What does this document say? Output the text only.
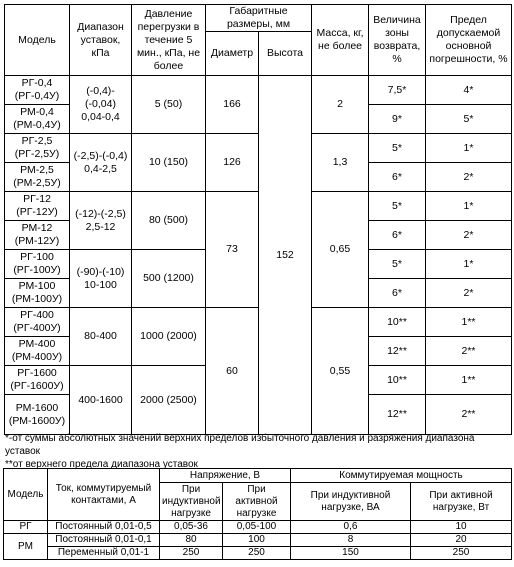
Модель	Диапазон уставок, кПа	Давление перегрузки в течение 5 мин., кПа, не более	Габаритные размеры, мм		Масса, кг, не более	Величина зоны возврата, %	Предел допускаемой основной погрешности, %
			Диаметр	Высота			
РГ-0,4 (РГ-0,4У)	(-0,4)-(-0,04) 0,04-0,4	5 (50)	166	152	2	7,5*	4*
РМ-0,4 (РМ-0,4У)						9*	5*
РГ-2,5 (РГ-2,5У)	(-2,5)-(-0,4) 0,4-2,5	10 (150)	126		1,3	5*	1*
РМ-2,5 (РМ-2,5У)						6*	2*
РГ-12 (РГ-12У)	(-12)-(-2,5) 2,5-12	80 (500)	73		0,65	5*	1*
РМ-12 (РМ-12У)						6*	2*
РГ-100 (РГ-100У)	(-90)-(-10) 10-100	500 (1200)				5*	1*
РМ-100 (РМ-100У)						6*	2*
РГ-400 (РГ-400У)	80-400	1000 (2000)	60		0,55	10**	1**
РМ-400 (РМ-400У)						12**	2**
РГ-1600 (РГ-1600У)	400-1600	2000 (2500)				10**	1**
РМ-1600 (РМ-1600У)						12**	2**
*-от суммы абсолютных значений верхних пределов избыточного давления и разряжения диапазона уставок
**от верхнего предела диапазона уставок
Модель	Ток, коммутируемый контактами, А	Напряжение, В		Коммутируемая мощность	
		При индуктивной нагрузке	При активной нагрузке	При индуктивной нагрузке, ВА	При активной нагрузке, Вт
РГ	Постоянный 0,01-0,5	0,05-36	0,05-100	0,6	10
РМ	Постоянный 0,01-0,1	80	100	8	20
	Переменный 0,01-1	250	250	150	250
